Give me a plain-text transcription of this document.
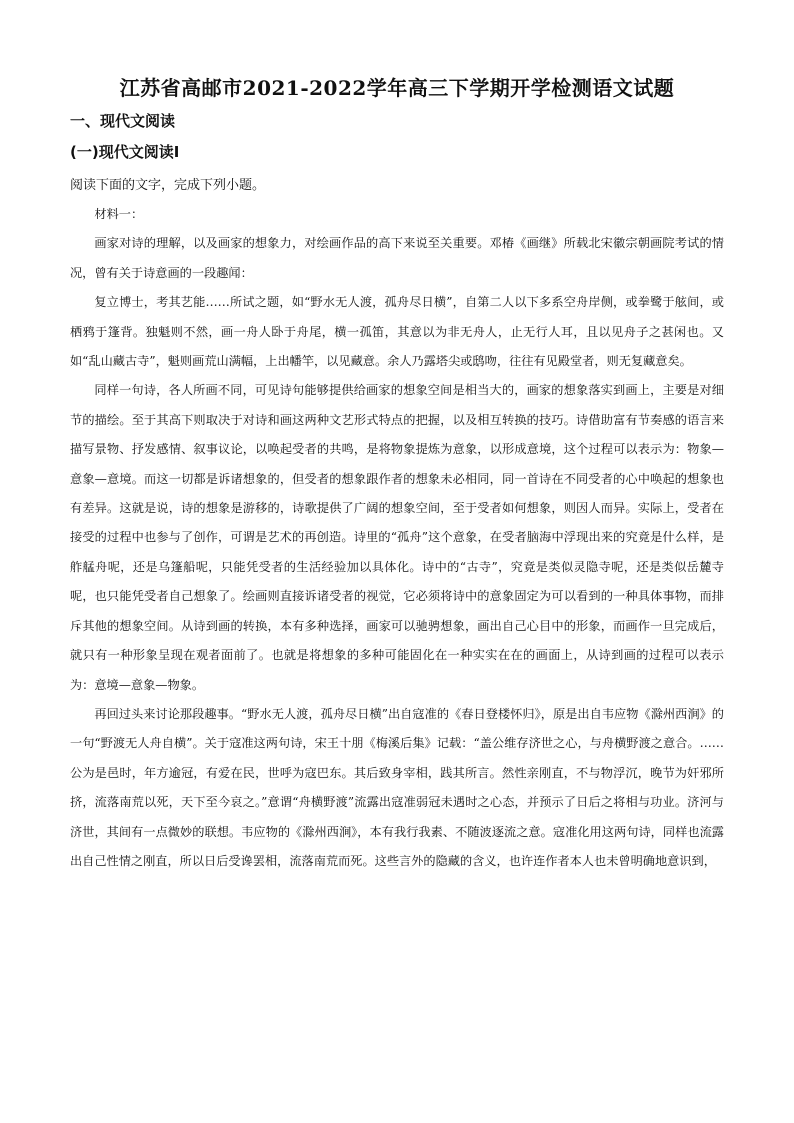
江苏省高邮市2021-2022学年高三下学期开学检测语文试题
一、现代文阅读
(一)现代文阅读Ⅰ
阅读下面的文字，完成下列小题。

材料一：

画家对诗的理解，以及画家的想象力，对绘画作品的高下来说至关重要。邓椿《画继》所载北宋徽宗朝画院考试的情况，曾有关于诗意画的一段趣闻：

复立博士，考其艺能……所试之题，如“野水无人渡，孤舟尽日横”，自第二人以下多系空舟岸侧，或拳鹭于舷间，或栖鸦于篷背。独魁则不然，画一舟人卧于舟尾，横一孤笛，其意以为非无舟人，止无行人耳，且以见舟子之甚闲也。又如“乱山藏古寺”，魁则画荒山满幅，上出幡竿，以见藏意。余人乃露塔尖或鸱吻，往往有见殿堂者，则无复藏意矣。

同样一句诗，各人所画不同，可见诗句能够提供给画家的想象空间是相当大的，画家的想象落实到画上，主要是对细节的描绘。至于其高下则取决于对诗和画这两种文艺形式特点的把握，以及相互转换的技巧。诗借助富有节奏感的语言来描写景物、抒发感情、叙事议论，以唤起受者的共鸣，是将物象提炼为意象，以形成意境，这个过程可以表示为：物象—意象—意境。而这一切都是诉诸想象的，但受者的想象跟作者的想象未必相同，同一首诗在不同受者的心中唤起的想象也有差异。这就是说，诗的想象是游移的，诗歌提供了广阔的想象空间，至于受者如何想象，则因人而异。实际上，受者在接受的过程中也参与了创作，可谓是艺术的再创造。诗里的“孤舟”这个意象，在受者脑海中浮现出来的究竟是什么样，是舴艋舟呢，还是乌篷船呢，只能凭受者的生活经验加以具体化。诗中的“古寺”，究竟是类似灵隐寺呢，还是类似岳麓寺呢，也只能凭受者自己想象了。绘画则直接诉诸受者的视觉，它必须将诗中的意象固定为可以看到的一种具体事物，而排斥其他的想象空间。从诗到画的转换，本有多种选择，画家可以驰骋想象，画出自己心目中的形象，而画作一旦完成后，就只有一种形象呈现在观者面前了。也就是将想象的多种可能固化在一种实实在在的画面上，从诗到画的过程可以表示为：意境—意象—物象。

再回过头来讨论那段趣事。“野水无人渡，孤舟尽日横”出自寇准的《春日登楼怀归》，原是出自韦应物《滁州西涧》的一句“野渡无人舟自横”。关于寇准这两句诗，宋王十朋《梅溪后集》记载：“盖公维存济世之心，与舟横野渡之意合。……公为是邑时，年方逾冠，有爱在民，世呼为寇巴东。其后致身宰相，践其所言。然性亲刚直，不与物浮沉，晚节为奸邪所挤，流落南荒以死，天下至今哀之。”意谓“舟横野渡”流露出寇准弱冠未遇时之心态，并预示了日后之将相与功业。济河与济世，其间有一点微妙的联想。韦应物的《滁州西涧》，本有我行我素、不随波逐流之意。寇准化用这两句诗，同样也流露出自己性情之刚直，所以日后受谗罢相，流落南荒而死。这些言外的隐藏的含义，也许连作者本人也未曾明确地意识到，
